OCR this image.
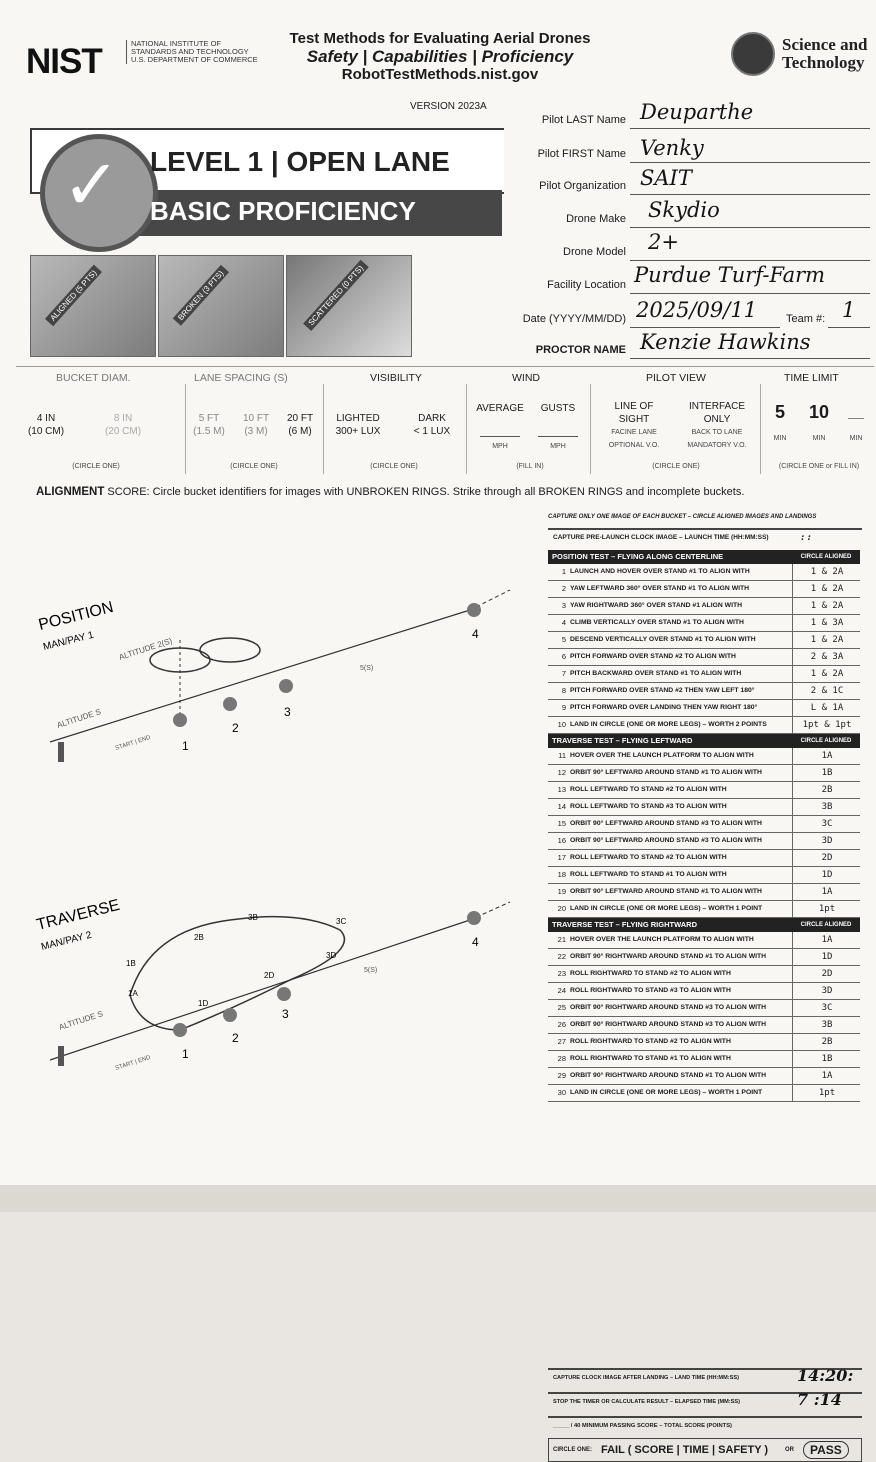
NIST	NATIONAL INSTITUTE OF
STANDARDS AND TECHNOLOGY
U.S. DEPARTMENT OF COMMERCE
Test Methods for Evaluating Aerial Drones
Safety | Capabilities | Proficiency
RobotTestMethods.nist.gov
Science and
Technology
VERSION 2023A
✓ LEVEL 1 | OPEN LANE
BASIC PROFICIENCY
ALIGNED (5 PTS)	BROKEN (3 PTS)	SCATTERED (0 PTS)
Pilot LAST Name Deuparthe
Pilot FIRST Name Venky
Pilot Organization SAIT
Drone Make Skydio
Drone Model 2+
Facility Location Purdue Turf-Farm
Date (YYYY/MM/DD) 2025/09/11	Team #: 1
PROCTOR NAME Kenzie Hawkins
BUCKET DIAM.
4 IN
(10 CM)
8 IN
(20 CM)
(CIRCLE ONE)
LANE SPACING (S)
5 FT
(1.5 M)
10 FT
(3 M)
20 FT
(6 M)
(CIRCLE ONE)
VISIBILITY
LIGHTED
300+ LUX
DARK
< 1 LUX
(CIRCLE ONE)
WIND
AVERAGE	GUSTS
MPH	MPH
(FILL IN)
PILOT VIEW
LINE OF
SIGHT
FACINE LANE
OPTIONAL V.O.
INTERFACE
ONLY
BACK TO LANE
MANDATORY V.O.
(CIRCLE ONE)
TIME LIMIT
5	10	__
MIN	MIN	MIN
(CIRCLE ONE or FILL IN)
ALIGNMENT SCORE: Circle bucket identifiers for images with UNBROKEN RINGS. Strike through all BROKEN RINGS and incomplete buckets.
POSITION
MAN/PAY 1	ALTITUDE 2(S)
ALTITUDE S
START | END
5(S)
1
2
3
4
TRAVERSE
MAN/PAY 2
1A
1B
1D
2B
2D
3B	3C
3D
ALTITUDE S
START | END
5(S)
1
2
3
4
CAPTURE ONLY ONE IMAGE OF EACH BUCKET – CIRCLE ALIGNED IMAGES AND LANDINGS
CAPTURE PRE-LAUNCH CLOCK IMAGE – LAUNCH TIME (HH:MM:SS)	: :
POSITION TEST – FLYING ALONG CENTERLINE	CIRCLE ALIGNED
1 LAUNCH AND HOVER OVER STAND #1 TO ALIGN WITH	1 & 2A
2 YAW LEFTWARD 360° OVER STAND #1 TO ALIGN WITH	1 & 2A
3 YAW RIGHTWARD 360° OVER STAND #1 ALIGN WITH	1 & 2A
4 CLIMB VERTICALLY OVER STAND #1 TO ALIGN WITH	1 & 3A
5 DESCEND VERTICALLY OVER STAND #1 TO ALIGN WITH	1 & 2A
6 PITCH FORWARD OVER STAND #2 TO ALIGN WITH	2 & 3A
7 PITCH BACKWARD OVER STAND #1 TO ALIGN WITH	1 & 2A
8 PITCH FORWARD OVER STAND #2 THEN YAW LEFT 180°	2 & 1C
9 PITCH FORWARD OVER LANDING THEN YAW RIGHT 180°	L & 1A
10 LAND IN CIRCLE (ONE OR MORE LEGS) – WORTH 2 POINTS	1pt & 1pt
TRAVERSE TEST – FLYING LEFTWARD	CIRCLE ALIGNED
11 HOVER OVER THE LAUNCH PLATFORM TO ALIGN WITH	1A
12 ORBIT 90° LEFTWARD AROUND STAND #1 TO ALIGN WITH	1B
13 ROLL LEFTWARD TO STAND #2 TO ALIGN WITH	2B
14 ROLL LEFTWARD TO STAND #3 TO ALIGN WITH	3B
15 ORBIT 90° LEFTWARD AROUND STAND #3 TO ALIGN WITH	3C
16 ORBIT 90° LEFTWARD AROUND STAND #3 TO ALIGN WITH	3D
17 ROLL LEFTWARD TO STAND #2 TO ALIGN WITH	2D
18 ROLL LEFTWARD TO STAND #1 TO ALIGN WITH	1D
19 ORBIT 90° LEFTWARD AROUND STAND #1 TO ALIGN WITH	1A
20 LAND IN CIRCLE (ONE OR MORE LEGS) – WORTH 1 POINT	1pt
TRAVERSE TEST – FLYING RIGHTWARD	CIRCLE ALIGNED
21 HOVER OVER THE LAUNCH PLATFORM TO ALIGN WITH	1A
22 ORBIT 90° RIGHTWARD AROUND STAND #1 TO ALIGN WITH	1D
23 ROLL RIGHTWARD TO STAND #2 TO ALIGN WITH	2D
24 ROLL RIGHTWARD TO STAND #3 TO ALIGN WITH	3D
25 ORBIT 90° RIGHTWARD AROUND STAND #3 TO ALIGN WITH	3C
26 ORBIT 90° RIGHTWARD AROUND STAND #3 TO ALIGN WITH	3B
27 ROLL RIGHTWARD TO STAND #2 TO ALIGN WITH	2B
28 ROLL RIGHTWARD TO STAND #1 TO ALIGN WITH	1B
29 ORBIT 90° RIGHTWARD AROUND STAND #1 TO ALIGN WITH	1A
30 LAND IN CIRCLE (ONE OR MORE LEGS) – WORTH 1 POINT	1pt
CAPTURE CLOCK IMAGE AFTER LANDING – LAND TIME (HH:MM:SS)	14:20:
STOP THE TIMER OR CALCULATE RESULT – ELAPSED TIME (MM:SS)	7 :14
_____ / 40 MINIMUM PASSING SCORE – TOTAL SCORE (POINTS)
CIRCLE ONE: FAIL ( SCORE | TIME | SAFETY )	OR	PASS
